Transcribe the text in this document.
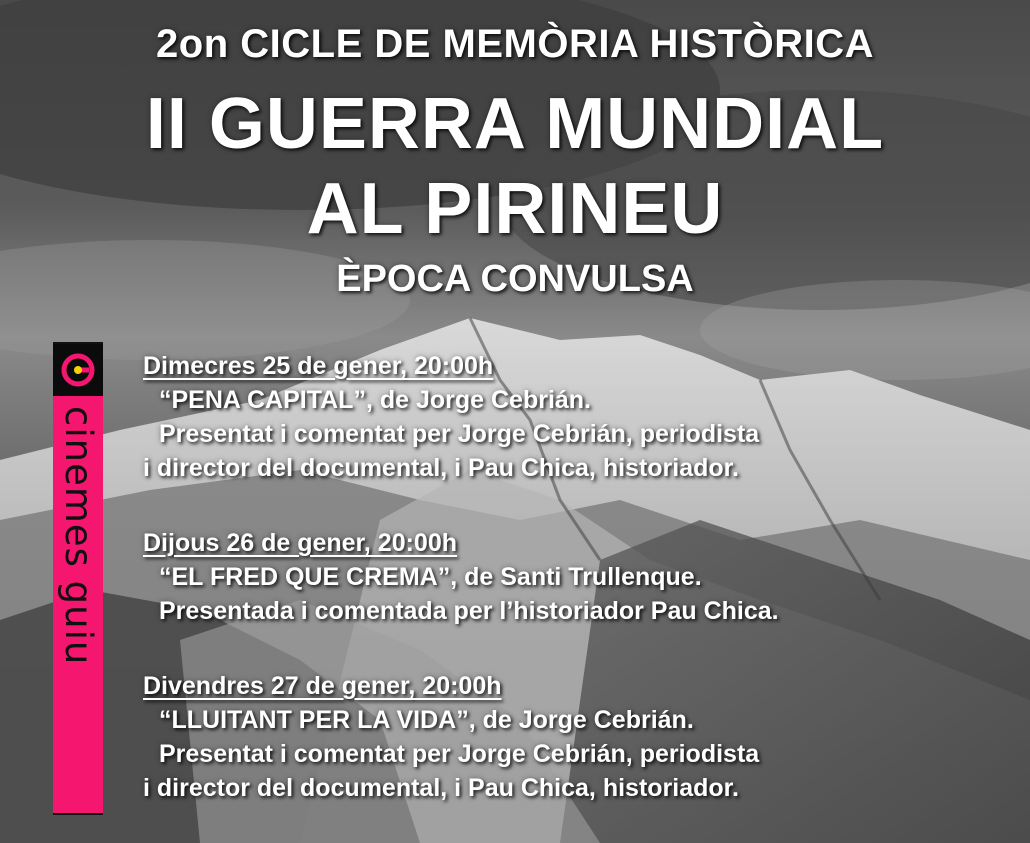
2on CICLE DE MEMÒRIA HISTÒRICA
II GUERRA MUNDIAL
AL PIRINEU
ÈPOCA CONVULSA
cinemes guiu
Dimecres 25 de gener, 20:00h
“PENA CAPITAL”, de Jorge Cebrián.
Presentat i comentat per Jorge Cebrián, periodista
i director del documental, i Pau Chica, historiador.
Dijous 26 de gener, 20:00h
“EL FRED QUE CREMA”, de Santi Trullenque.
Presentada i comentada per l’historiador Pau Chica.
Divendres 27 de gener, 20:00h
“LLUITANT PER LA VIDA”, de Jorge Cebrián.
Presentat i comentat per Jorge Cebrián, periodista
i director del documental, i Pau Chica, historiador.
